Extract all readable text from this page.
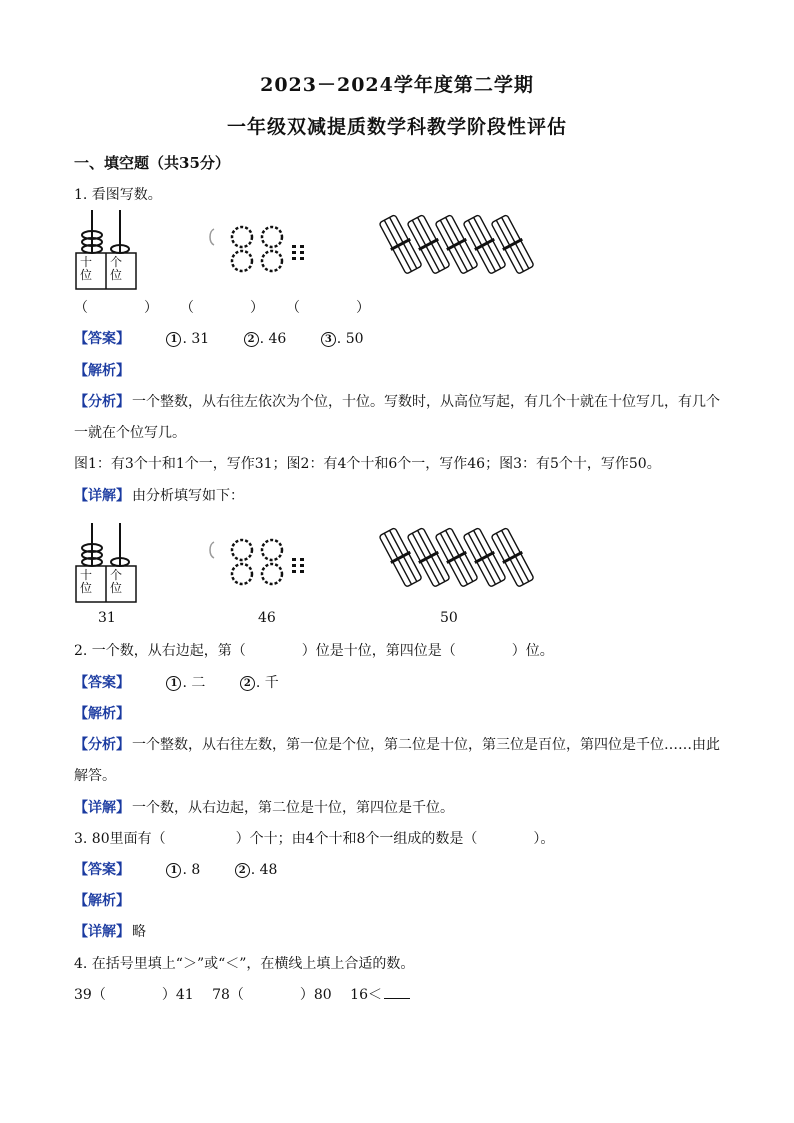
2023－2024学年度第二学期
一年级双减提质数学科教学阶段性评估
一、填空题（共35分）
1. 看图写数。
十位
个位
（　　　　） （　　　　） （　　　　）
【答案】	1 . 31	2 . 46	3 . 50
【解析】
【分析】 一个整数，从右往左依次为个位，十位。写数时，从高位写起，有几个十就在十位写几，有几个
一就在个位写几。
图1：有3个十和1个一，写作31；图2：有4个十和6个一，写作46；图3：有5个十，写作50。
【详解】 由分析填写如下：
十位
个位
31	46	50
2. 一个数，从右边起，第（　　　　）位是十位，第四位是（　　　　）位。
【答案】	1 . 二	2 . 千
【解析】
【分析】 一个整数，从右往左数，第一位是个位，第二位是十位，第三位是百位，第四位是千位……由此
解答。
【详解】 一个数，从右边起，第二位是十位，第四位是千位。
3. 80里面有（　　　　　）个十；由4个十和8个一组成的数是（　　　　）。
【答案】	1 . 8	2 . 48
【解析】
【详解】 略
4. 在括号里填上“＞”或“＜”，在横线上填上合适的数。
39（　　　　）41　 78（　　　　）80　 16＜
